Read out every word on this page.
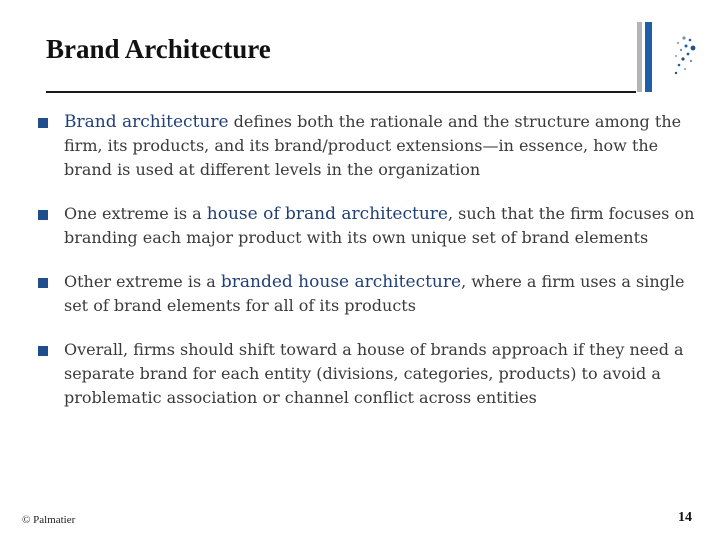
Brand Architecture
Brand architecture defines both the rationale and the structure among the firm, its products, and its brand/product extensions—in essence, how the brand is used at different levels in the organization
One extreme is a house of brand architecture, such that the firm focuses on branding each major product with its own unique set of brand elements
Other extreme is a branded house architecture, where a firm uses a single set of brand elements for all of its products
Overall, firms should shift toward a house of brands approach if they need a separate brand for each entity (divisions, categories, products) to avoid a problematic association or channel conflict across entities
© Palmatier	14
